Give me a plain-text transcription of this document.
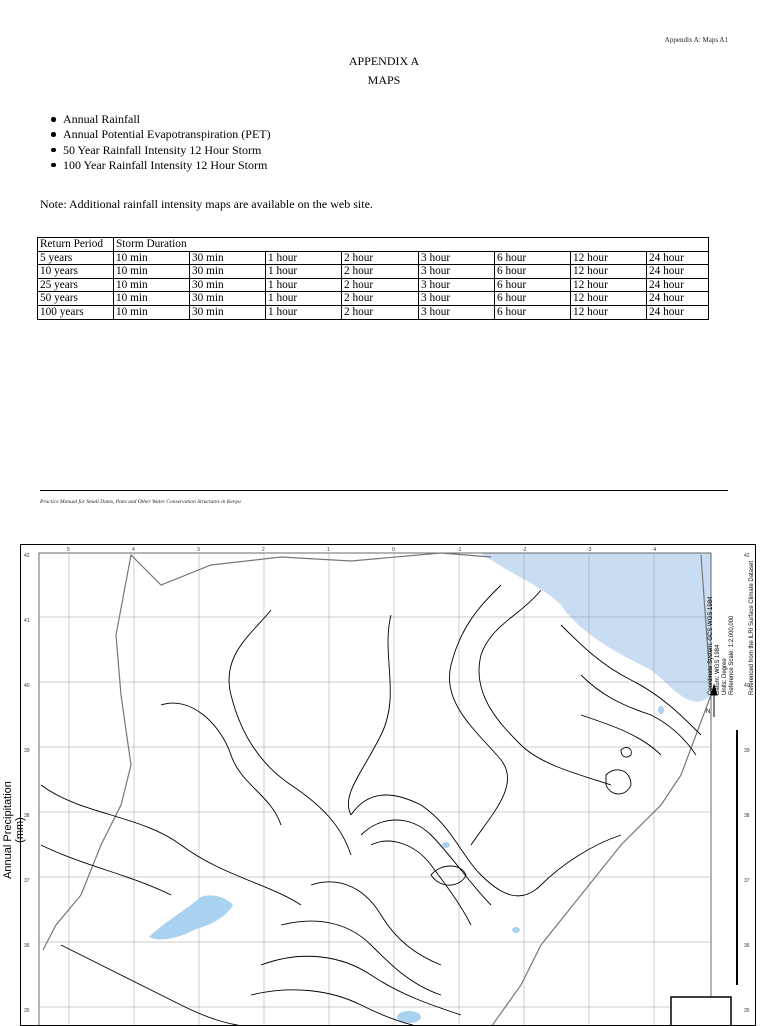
Appendix A: Maps A1
APPENDIX A
MAPS
Annual Rainfall
Annual Potential Evapotranspiration (PET)
50 Year Rainfall Intensity 12 Hour Storm
100 Year Rainfall Intensity 12 Hour Storm
Note: Additional rainfall intensity maps are available on the web site.
Return Period	Storm Duration							
5 years	10 min	30 min	1 hour	2 hour	3 hour	6 hour	12 hour	24 hour
10 years	10 min	30 min	1 hour	2 hour	3 hour	6 hour	12 hour	24 hour
25 years	10 min	30 min	1 hour	2 hour	3 hour	6 hour	12 hour	24 hour
50 years	10 min	30 min	1 hour	2 hour	3 hour	6 hour	12 hour	24 hour
100 years	10 min	30 min	1 hour	2 hour	3 hour	6 hour	12 hour	24 hour
Practice Manual for Small Dams, Pans and Other Water Conservation Structures in Kenya
42
41
40
39
38
37
36
35
5	4	3	2	1	0	-1	-2	-3	-4
42
40
39
38
37
36
35
N
Annual Precipitation (mm)
Coordinate System: GCS WGS 1984 Datum: WGS 1984 Units: Degree Reference Scale: 1:2,000,000 Referenced from the ILRI Surface Climate Dataset
